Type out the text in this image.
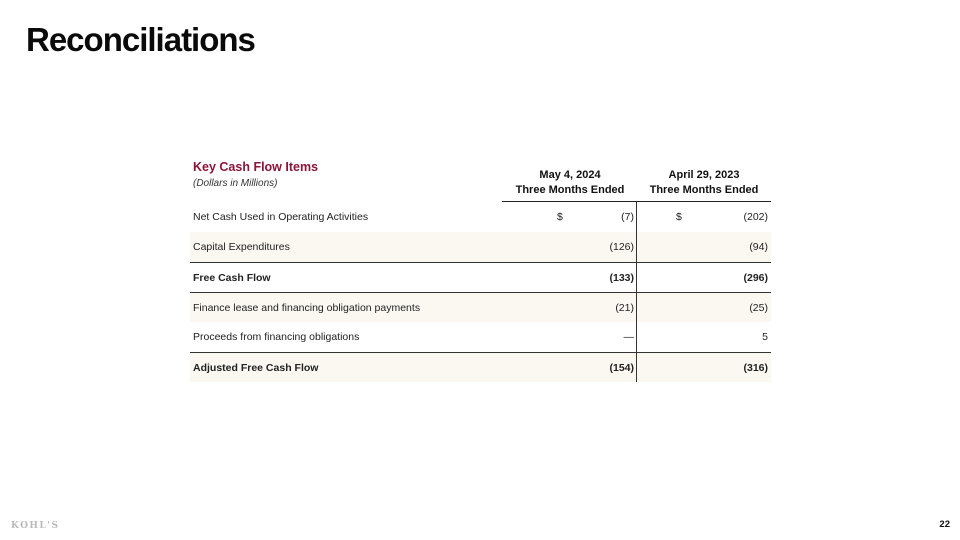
Reconciliations
Key Cash Flow Items
(Dollars in Millions)
May 4, 2024
Three Months Ended
April 29, 2023
Three Months Ended
Net Cash Used in Operating Activities	$	(7)	$	(202)
Capital Expenditures	(126)	(94)
Free Cash Flow	(133)	(296)
Finance lease and financing obligation payments	(21)	(25)
Proceeds from financing obligations	—	5
Adjusted Free Cash Flow	(154)	(316)
KOHL'S	22
